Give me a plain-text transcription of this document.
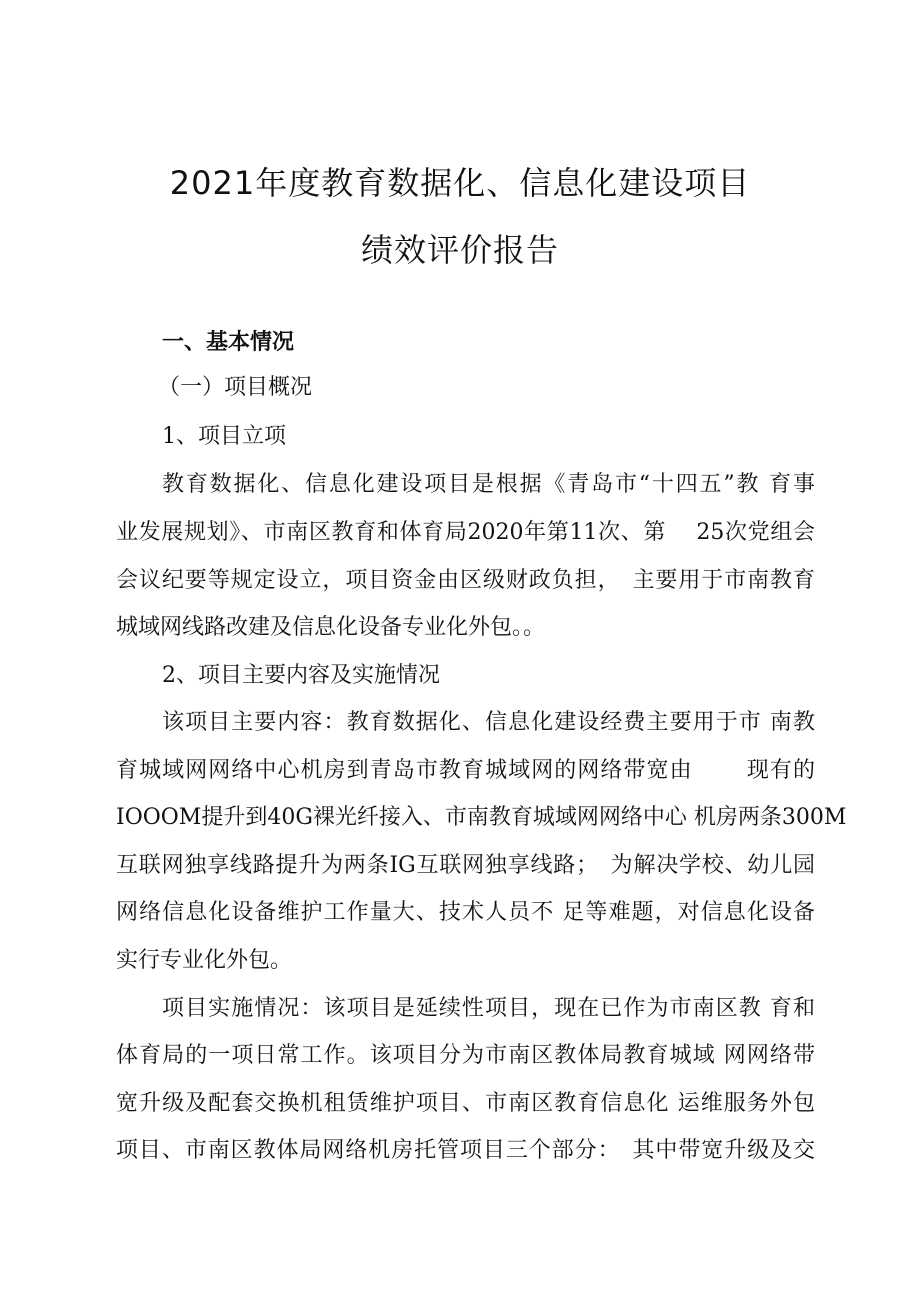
2021年度教育数据化、信息化建设项目
绩效评价报告
一、基本情况
（一）项目概况
1、项目立项
教育数据化、信息化建设项目是根据《青岛市“十四五”教 育事
业发展规划》、市南区教育和体育局2020年第11次、第　 25次党组会
会议纪要等规定设立，项目资金由区级财政负担，　主要用于市南教育
城域网线路改建及信息化设备专业化外包。。
2、项目主要内容及实施情况
该项目主要内容：教育数据化、信息化建设经费主要用于市 南教
育城域网网络中心机房到青岛市教育城域网的网络带宽由　　 现有的
IOOOM提升到40G裸光纤接入、市南教育城域网网络中心 机房两条300M
互联网独享线路提升为两条IG互联网独享线路；　为解决学校、幼儿园
网络信息化设备维护工作量大、技术人员不 足等难题，对信息化设备
实行专业化外包。
项目实施情况：该项目是延续性项目，现在已作为市南区教 育和
体育局的一项日常工作。该项目分为市南区教体局教育城域 网网络带
宽升级及配套交换机租赁维护项目、市南区教育信息化 运维服务外包
项目、市南区教体局网络机房托管项目三个部分：　其中带宽升级及交
